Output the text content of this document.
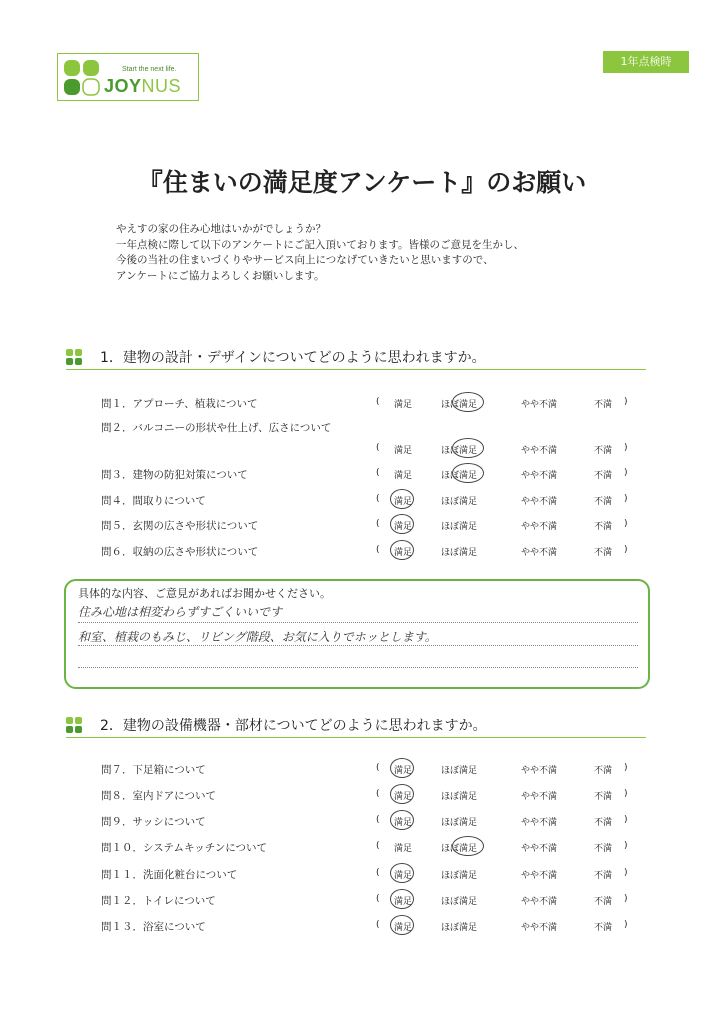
Start the next life.
JOYNUS
1年点検時
『住まいの満足度アンケート』のお願い
やえすの家の住み心地はいかがでしょうか？
一年点検に際して以下のアンケートにご記入頂いております。皆様のご意見を生かし、
今後の当社の住まいづくりやサービス向上につなげていきたいと思いますので、
アンケートにご協力よろしくお願いします。
1．建物の設計・デザインについてどのように思われますか。
問１．アプローチ、植栽について	( 満足	ほぼ満足	やや不満	不満 )
問２．バルコニーの形状や仕上げ、広さについて
( 満足	ほぼ満足	やや不満	不満 )
問３．建物の防犯対策について	( 満足	ほぼ満足	やや不満	不満 )
問４．間取りについて	( 満足	ほぼ満足	やや不満	不満 )
問５．玄関の広さや形状について	( 満足	ほぼ満足	やや不満	不満 )
問６．収納の広さや形状について	( 満足	ほぼ満足	やや不満	不満 )
具体的な内容、ご意見があればお聞かせください。
住み心地は相変わらずすごくいいです
和室、植栽のもみじ、リビング階段、お気に入りでホッとします。
2．建物の設備機器・部材についてどのように思われますか。
問７．下足箱について	( 満足	ほぼ満足	やや不満	不満 )
問８．室内ドアについて	( 満足	ほぼ満足	やや不満	不満 )
問９．サッシについて	( 満足	ほぼ満足	やや不満	不満 )
問１０．システムキッチンについて	( 満足	ほぼ満足	やや不満	不満 )
問１１．洗面化粧台について	( 満足	ほぼ満足	やや不満	不満 )
問１２．トイレについて	( 満足	ほぼ満足	やや不満	不満 )
問１３．浴室について	( 満足	ほぼ満足	やや不満	不満 )
